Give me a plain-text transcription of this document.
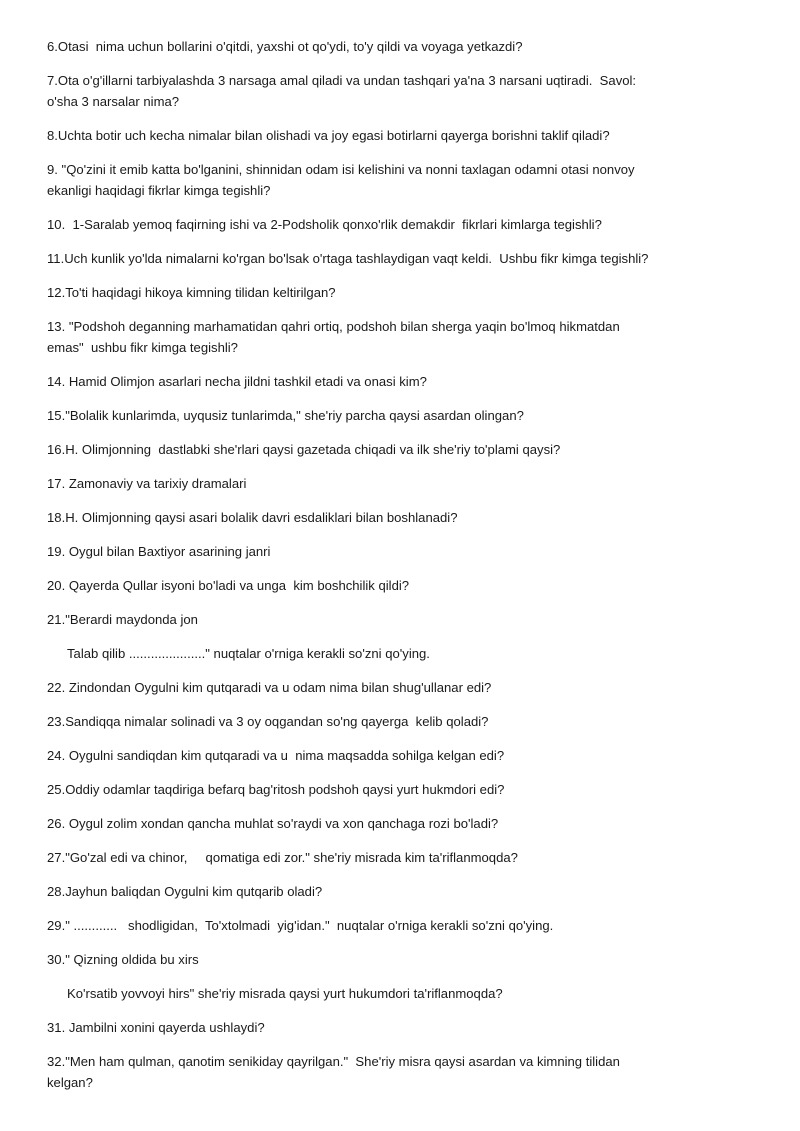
6.Otasi  nima uchun bollarini o'qitdi, yaxshi ot qo'ydi, to'y qildi va voyaga yetkazdi?

7.Ota o'g'illarni tarbiyalashda 3 narsaga amal qiladi va undan tashqari ya'na 3 narsani uqtiradi.  Savol:
o'sha 3 narsalar nima?

8.Uchta botir uch kecha nimalar bilan olishadi va joy egasi botirlarni qayerga borishni taklif qiladi?

9. "Qo'zini it emib katta bo'lganini, shinnidan odam isi kelishini va nonni taxlagan odamni otasi nonvoy
ekanligi haqidagi fikrlar kimga tegishli?

10.  1-Saralab yemoq faqirning ishi va 2-Podsholik qonxo'rlik demakdir  fikrlari kimlarga tegishli?

11.Uch kunlik yo'lda nimalarni ko'rgan bo'lsak o'rtaga tashlaydigan vaqt keldi.  Ushbu fikr kimga tegishli?

12.To'ti haqidagi hikoya kimning tilidan keltirilgan?

13. "Podshoh deganning marhamatidan qahri ortiq, podshoh bilan sherga yaqin bo'lmoq hikmatdan
emas"  ushbu fikr kimga tegishli?

14. Hamid Olimjon asarlari necha jildni tashkil etadi va onasi kim?

15."Bolalik kunlarimda, uyqusiz tunlarimda," she'riy parcha qaysi asardan olingan?

16.H. Olimjonning  dastlabki she'rlari qaysi gazetada chiqadi va ilk she'riy to'plami qaysi?

17. Zamonaviy va tarixiy dramalari

18.H. Olimjonning qaysi asari bolalik davri esdaliklari bilan boshlanadi?

19. Oygul bilan Baxtiyor asarining janri

20. Qayerda Qullar isyoni bo'ladi va unga  kim boshchilik qildi?

21."Berardi maydonda jon

Talab qilib ....................." nuqtalar o'rniga kerakli so'zni qo'ying.

22. Zindondan Oygulni kim qutqaradi va u odam nima bilan shug'ullanar edi?

23.Sandiqqa nimalar solinadi va 3 oy oqgandan so'ng qayerga  kelib qoladi?

24. Oygulni sandiqdan kim qutqaradi va u  nima maqsadda sohilga kelgan edi?

25.Oddiy odamlar taqdiriga befarq bag'ritosh podshoh qaysi yurt hukmdori edi?

26. Oygul zolim xondan qancha muhlat so'raydi va xon qanchaga rozi bo'ladi?

27."Go'zal edi va chinor,     qomatiga edi zor." she'riy misrada kim ta'riflanmoqda?

28.Jayhun baliqdan Oygulni kim qutqarib oladi?

29." ............   shodligidan,  To'xtolmadi  yig'idan."  nuqtalar o'rniga kerakli so'zni qo'ying.

30." Qizning oldida bu xirs

Ko'rsatib yovvoyi hirs" she'riy misrada qaysi yurt hukumdori ta'riflanmoqda?

31. Jambilni xonini qayerda ushlaydi?

32."Men ham qulman, qanotim senikiday qayrilgan."  She'riy misra qaysi asardan va kimning tilidan
kelgan?
